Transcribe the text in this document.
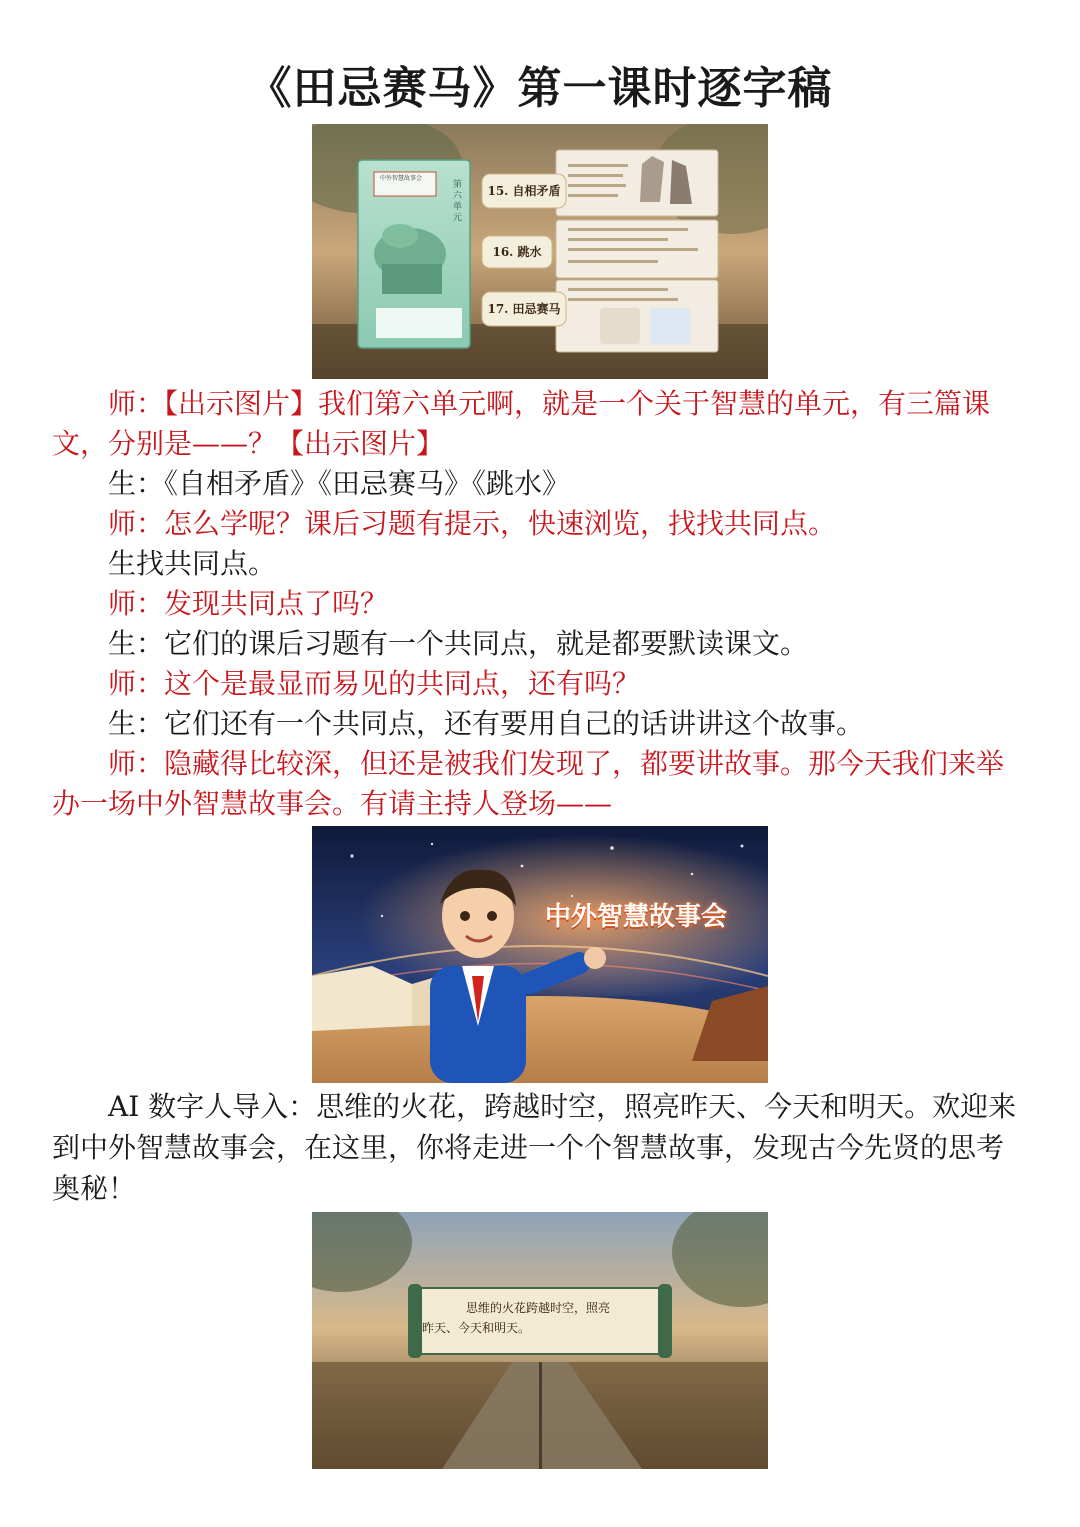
《田忌赛马》第一课时逐字稿
中外智慧故事会
第六单元
15. 自相矛盾
16. 跳水
17. 田忌赛马

师：【出示图片】我们第六单元啊，就是一个关于智慧的单元，有三篇课文，分别是——？【出示图片】

生：《自相矛盾》《田忌赛马》《跳水》

师：怎么学呢？课后习题有提示，快速浏览，找找共同点。

生找共同点。

师：发现共同点了吗？

生：它们的课后习题有一个共同点，就是都要默读课文。

师：这个是最显而易见的共同点，还有吗？

生：它们还有一个共同点，还有要用自己的话讲讲这个故事。

师：隐藏得比较深，但还是被我们发现了，都要讲故事。那今天我们来举办一场中外智慧故事会。有请主持人登场——

中外智慧故事会

AI 数字人导入：思维的火花，跨越时空，照亮昨天、今天和明天。欢迎来到中外智慧故事会，在这里，你将走进一个个智慧故事，发现古今先贤的思考奥秘！

思维的火花跨越时空，照亮
昨天、今天和明天。
